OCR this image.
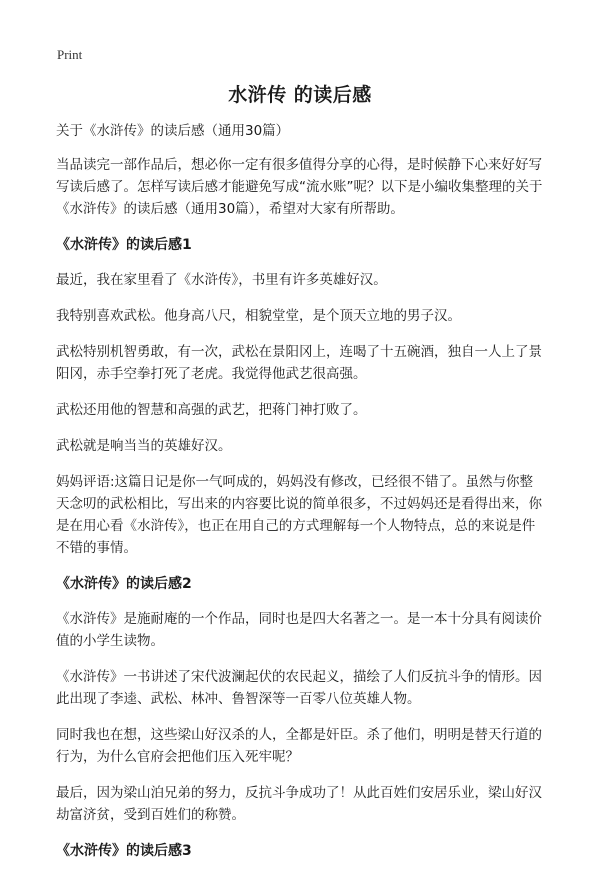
Print
水浒传 的读后感

关于《水浒传》的读后感（通用30篇）

当品读完一部作品后，想必你一定有很多值得分享的心得，是时候静下心来好好写写读后感了。怎样写读后感才能避免写成“流水账”呢？以下是小编收集整理的关于《水浒传》的读后感（通用30篇），希望对大家有所帮助。

《水浒传》的读后感1

最近，我在家里看了《水浒传》，书里有许多英雄好汉。

我特别喜欢武松。他身高八尺，相貌堂堂，是个顶天立地的男子汉。

武松特别机智勇敢，有一次，武松在景阳冈上，连喝了十五碗酒，独自一人上了景阳冈，赤手空拳打死了老虎。我觉得他武艺很高强。

武松还用他的智慧和高强的武艺，把蒋门神打败了。

武松就是响当当的英雄好汉。

妈妈评语:这篇日记是你一气呵成的，妈妈没有修改，已经很不错了。虽然与你整天念叨的武松相比，写出来的内容要比说的简单很多，不过妈妈还是看得出来，你是在用心看《水浒传》，也正在用自己的方式理解每一个人物特点，总的来说是件不错的事情。

《水浒传》的读后感2

《水浒传》是施耐庵的一个作品，同时也是四大名著之一。是一本十分具有阅读价值的小学生读物。

《水浒传》一书讲述了宋代波澜起伏的农民起义，描绘了人们反抗斗争的情形。因此出现了李逵、武松、林冲、鲁智深等一百零八位英雄人物。

同时我也在想，这些梁山好汉杀的人，全都是奸臣。杀了他们，明明是替天行道的行为，为什么官府会把他们压入死牢呢？

最后，因为梁山泊兄弟的努力，反抗斗争成功了！从此百姓们安居乐业，梁山好汉劫富济贫，受到百姓们的称赞。

《水浒传》的读后感3
